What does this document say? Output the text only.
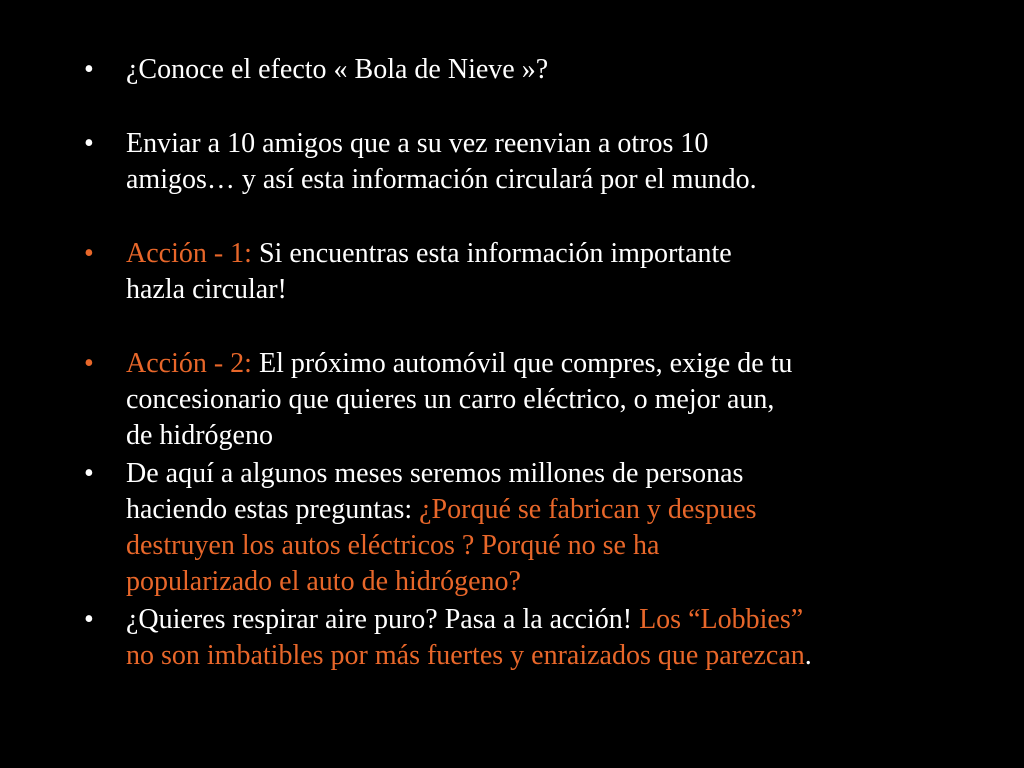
• ¿Conoce el efecto « Bola de Nieve »?
• Enviar a 10 amigos que a su vez reenvian a otros 10
amigos… y así esta información circulará por el mundo.
• Acción - 1: Si encuentras esta información importante
hazla circular!
• Acción - 2: El próximo automóvil que compres, exige de tu
concesionario que quieres un carro eléctrico, o mejor aun,
de hidrógeno
• De aquí a algunos meses seremos millones de personas
haciendo estas preguntas: ¿Porqué se fabrican y despues
destruyen los autos eléctricos ? Porqué no se ha
popularizado el auto de hidrógeno?
• ¿Quieres respirar aire puro? Pasa a la acción! Los “Lobbies”
no son imbatibles por más fuertes y enraizados que parezcan.
